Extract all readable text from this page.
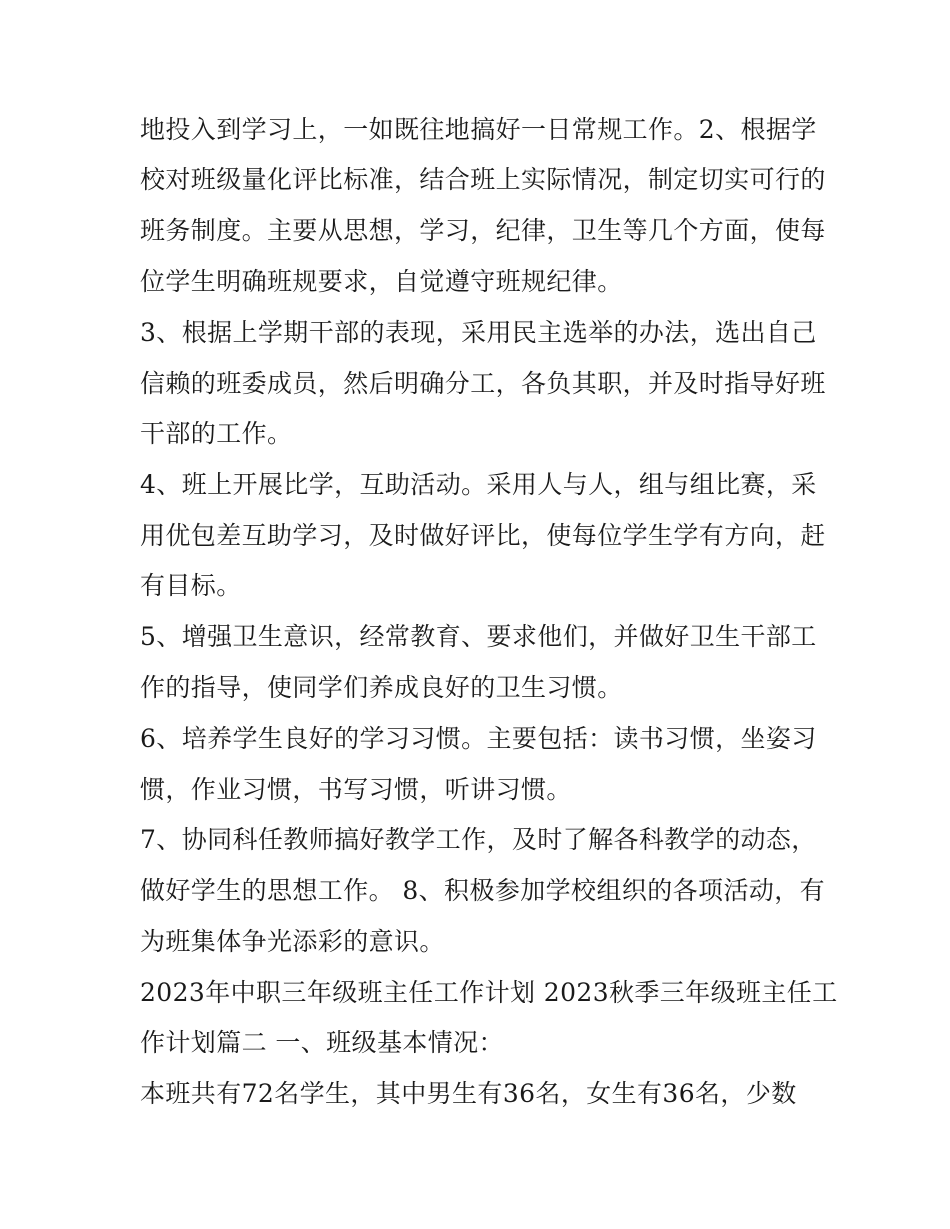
地投入到学习上，一如既往地搞好一日常规工作。2、根据学
校对班级量化评比标准，结合班上实际情况，制定切实可行的
班务制度。主要从思想，学习，纪律，卫生等几个方面，使每
位学生明确班规要求，自觉遵守班规纪律。
3、根据上学期干部的表现，采用民主选举的办法，选出自己
信赖的班委成员，然后明确分工，各负其职，并及时指导好班
干部的工作。
4、班上开展比学，互助活动。采用人与人，组与组比赛，采
用优包差互助学习，及时做好评比，使每位学生学有方向，赶
有目标。
5、增强卫生意识，经常教育、要求他们，并做好卫生干部工
作的指导，使同学们养成良好的卫生习惯。
6、培养学生良好的学习习惯。主要包括：读书习惯，坐姿习
惯，作业习惯，书写习惯，听讲习惯。
7、协同科任教师搞好教学工作，及时了解各科教学的动态，
做好学生的思想工作。 8、积极参加学校组织的各项活动，有
为班集体争光添彩的意识。
2023年中职三年级班主任工作计划 2023秋季三年级班主任工
作计划篇二 一、班级基本情况：
本班共有72名学生，其中男生有36名，女生有36名，少数
